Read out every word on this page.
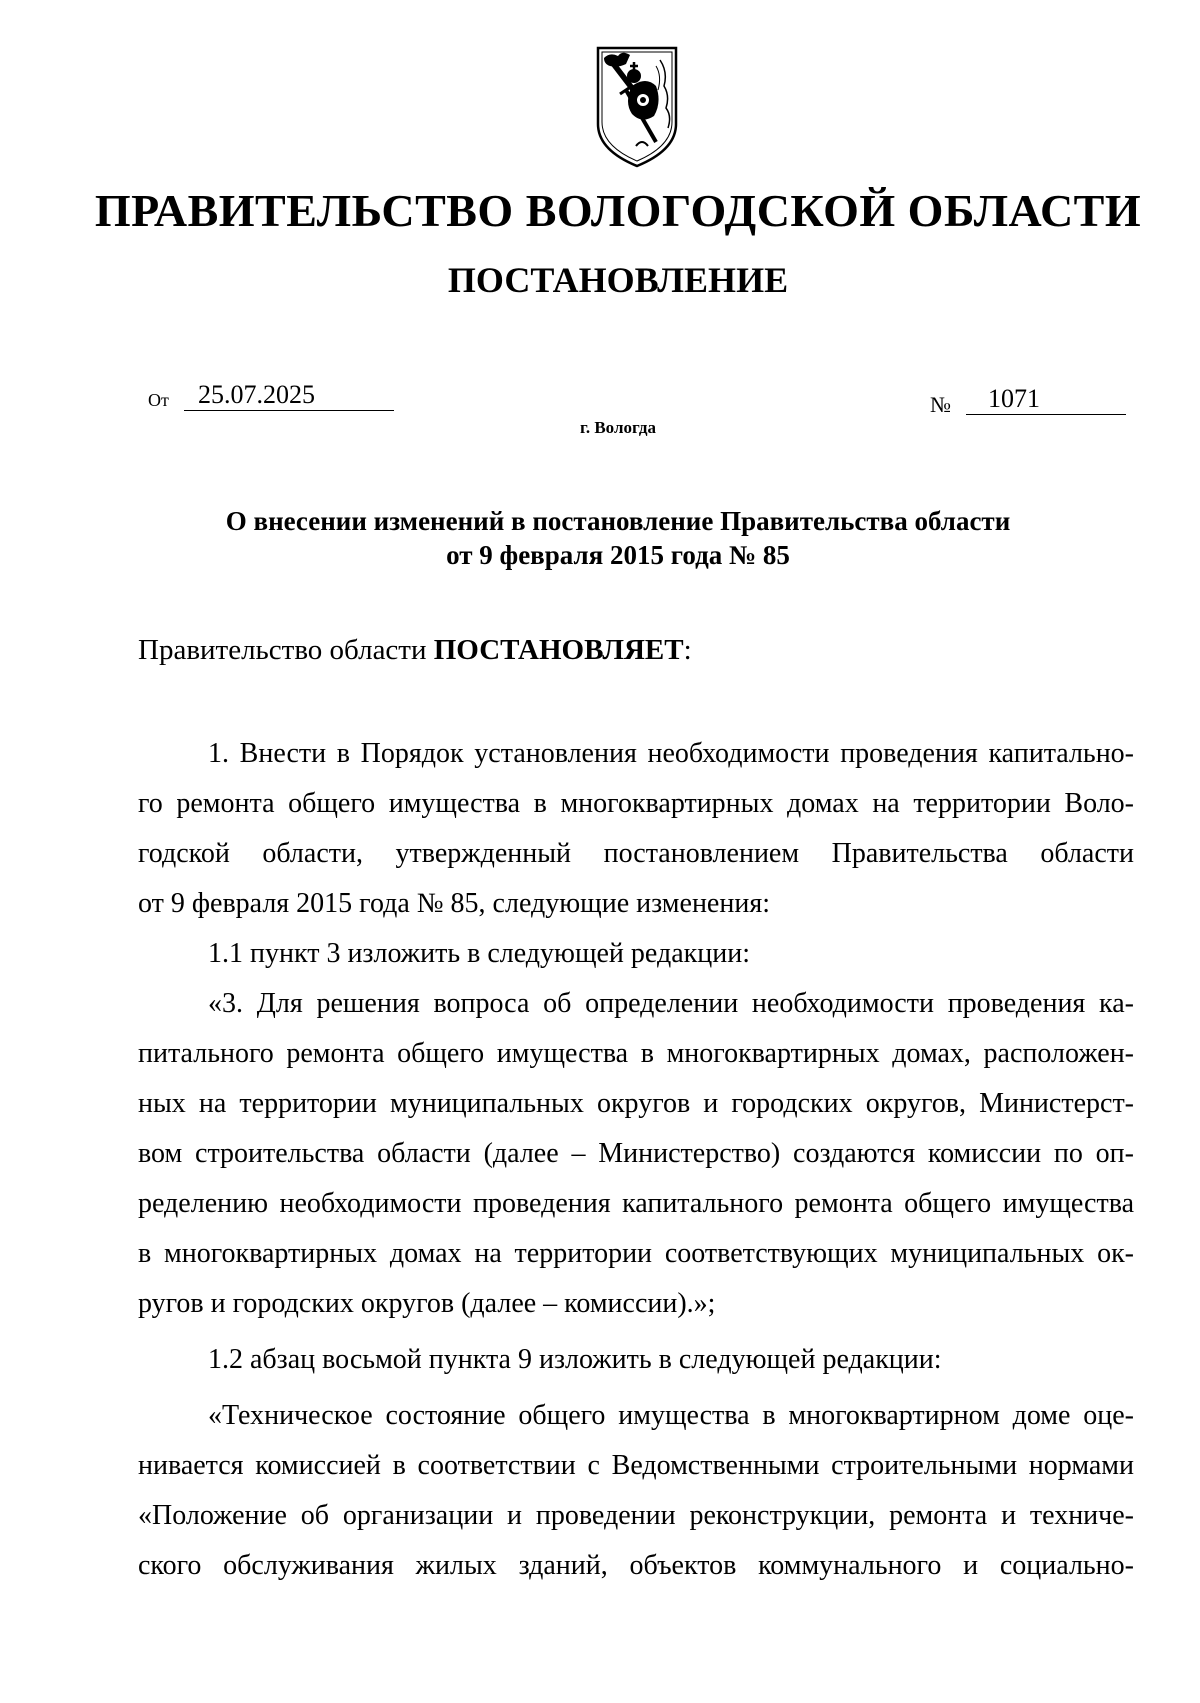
ПРАВИТЕЛЬСТВО ВОЛОГОДСКОЙ ОБЛАСТИ
ПОСТАНОВЛЕНИЕ
От	25.07.2025	№	1071
г. Вологда
О внесении изменений в постановление Правительства области
от 9 февраля 2015 года № 85
Правительство области ПОСТАНОВЛЯЕТ:
1. Внести в Порядок установления необходимости проведения капитально-
го ремонта общего имущества в многоквартирных домах на территории Воло-
годской области, утвержденный постановлением Правительства области
от 9 февраля 2015 года № 85, следующие изменения:
1.1 пункт 3 изложить в следующей редакции:
«3. Для решения вопроса об определении необходимости проведения ка-
питального ремонта общего имущества в многоквартирных домах, расположен-
ных на территории муниципальных округов и городских округов, Министерст-
вом строительства области (далее – Министерство) создаются комиссии по оп-
ределению необходимости проведения капитального ремонта общего имущества
в многоквартирных домах на территории соответствующих муниципальных ок-
ругов и городских округов (далее – комиссии).»;
1.2 абзац восьмой пункта 9 изложить в следующей редакции:
«Техническое состояние общего имущества в многоквартирном доме оце-
нивается комиссией в соответствии с Ведомственными строительными нормами
«Положение об организации и проведении реконструкции, ремонта и техниче-
ского обслуживания жилых зданий, объектов коммунального и социально-
